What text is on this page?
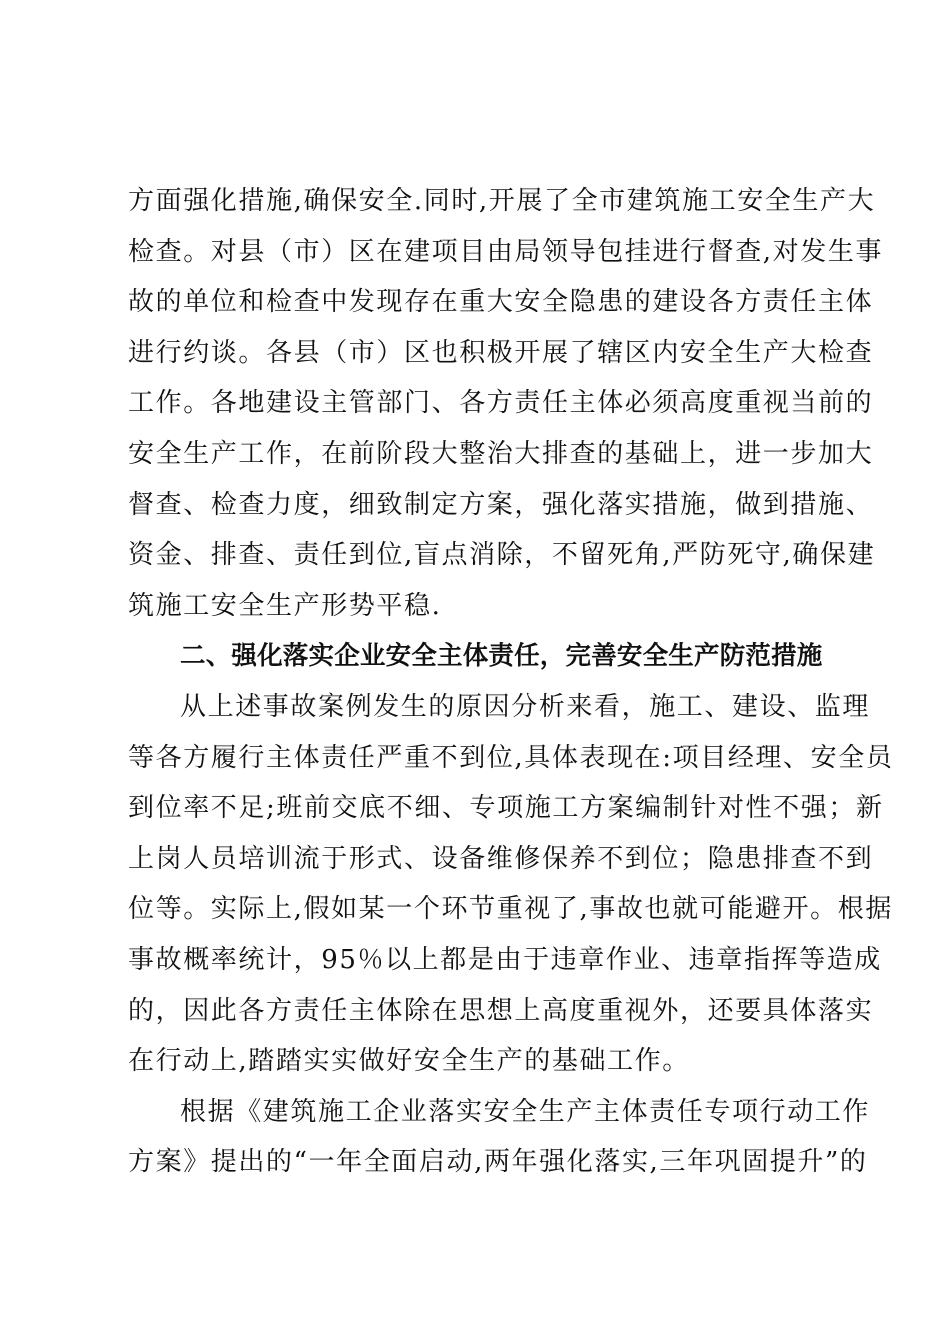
方面强化措施,确保安全.同时,开展了全市建筑施工安全生产大
检查。对县（市）区在建项目由局领导包挂进行督查,对发生事
故的单位和检查中发现存在重大安全隐患的建设各方责任主体
进行约谈。各县（市）区也积极开展了辖区内安全生产大检查
工作。各地建设主管部门、各方责任主体必须高度重视当前的
安全生产工作，在前阶段大整治大排查的基础上，进一步加大
督查、检查力度，细致制定方案，强化落实措施，做到措施、
资金、排查、责任到位,盲点消除，不留死角,严防死守,确保建
筑施工安全生产形势平稳.
二、强化落实企业安全主体责任，完善安全生产防范措施
从上述事故案例发生的原因分析来看，施工、建设、监理
等各方履行主体责任严重不到位,具体表现在:项目经理、安全员
到位率不足;班前交底不细、专项施工方案编制针对性不强；新
上岗人员培训流于形式、设备维修保养不到位；隐患排查不到
位等。实际上,假如某一个环节重视了,事故也就可能避开。根据
事故概率统计，95％以上都是由于违章作业、违章指挥等造成
的，因此各方责任主体除在思想上高度重视外，还要具体落实
在行动上,踏踏实实做好安全生产的基础工作。
根据《建筑施工企业落实安全生产主体责任专项行动工作
方案》提出的“一年全面启动,两年强化落实,三年巩固提升”的
